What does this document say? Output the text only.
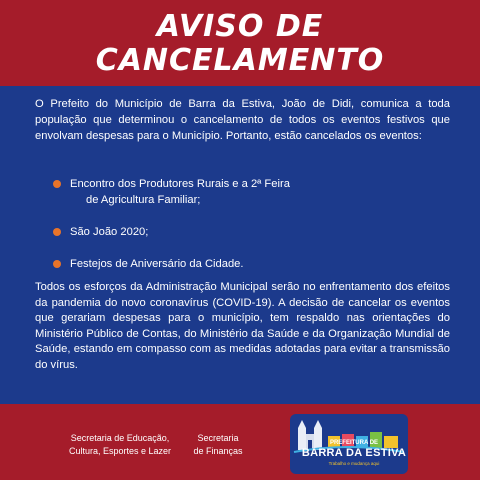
AVISO DE
CANCELAMENTO
O Prefeito do Município de Barra da Estiva, João de Didi, comunica a toda população que determinou o cancelamento de todos os eventos festivos que envolvam despesas para o Município. Portanto, estão cancelados os eventos:
Encontro dos Produtores Rurais e a 2ª Feira
de Agricultura Familiar;
São João 2020;
Festejos de Aniversário da Cidade.
Todos os esforços da Administração Municipal serão no enfrentamento dos efeitos da pandemia do novo coronavírus (COVID-19). A decisão de cancelar os eventos que gerariam despesas para o município, tem respaldo nas orientações do Ministério Público de Contas, do Ministério da Saúde e da Organização Mundial de Saúde, estando em compasso com as medidas adotadas para evitar a transmissão do vírus.
Secretaria de Educação,
Cultura, Esportes e Lazer
Secretaria
de Finanças
PREFEITURA DE
BARRA DA ESTIVA
Trabalho e mudança aqui
